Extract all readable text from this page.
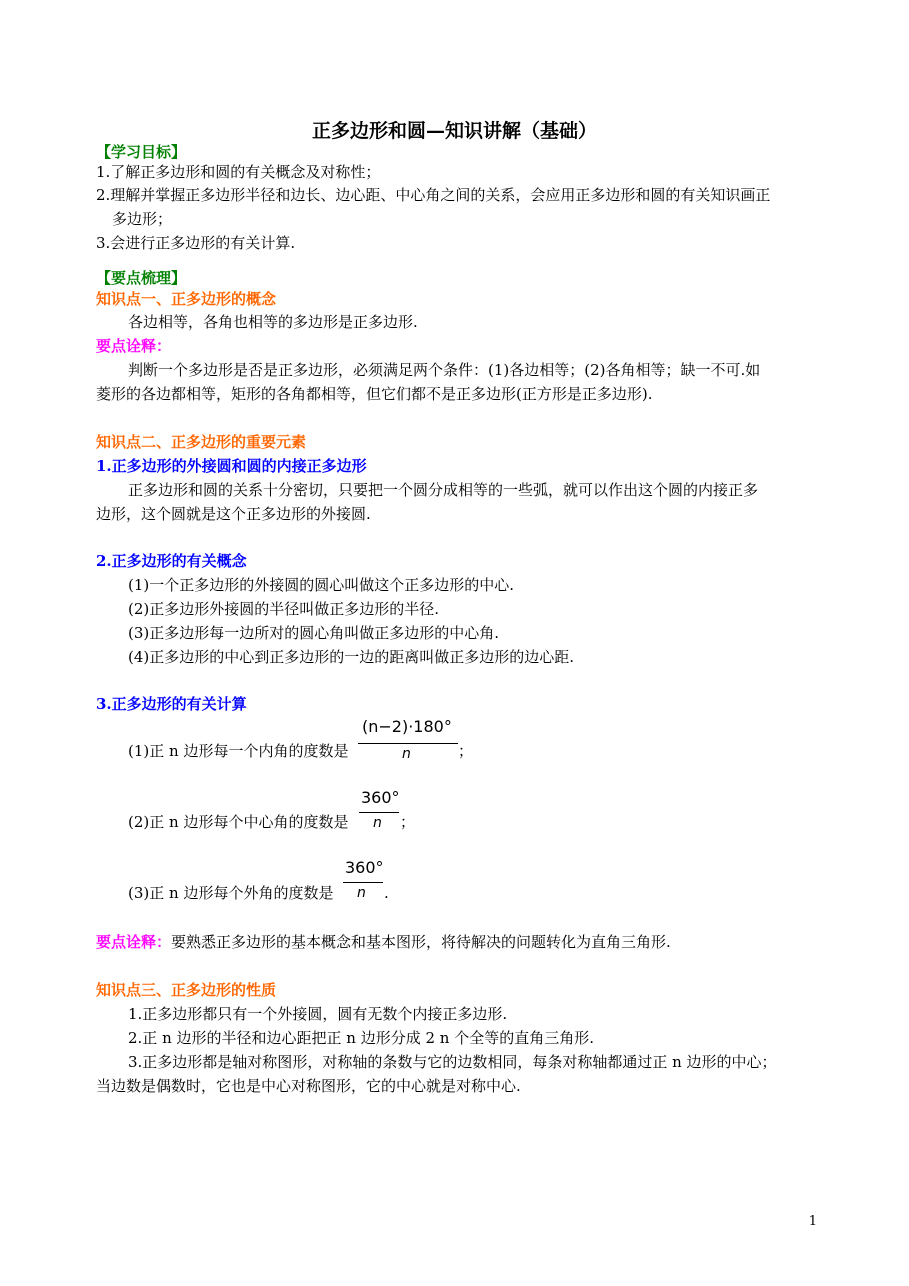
正多边形和圆—知识讲解（基础）
【学习目标】
1.了解正多边形和圆的有关概念及对称性；
2.理解并掌握正多边形半径和边长、边心距、中心角之间的关系，会应用正多边形和圆的有关知识画正
多边形；
3.会进行正多边形的有关计算.
【要点梳理】
知识点一、正多边形的概念
各边相等，各角也相等的多边形是正多边形.
要点诠释：
判断一个多边形是否是正多边形，必须满足两个条件：(1)各边相等；(2)各角相等；缺一不可.如
菱形的各边都相等，矩形的各角都相等，但它们都不是正多边形(正方形是正多边形).
知识点二、正多边形的重要元素
1.正多边形的外接圆和圆的内接正多边形
正多边形和圆的关系十分密切，只要把一个圆分成相等的一些弧，就可以作出这个圆的内接正多
边形，这个圆就是这个正多边形的外接圆.
2.正多边形的有关概念
(1)一个正多边形的外接圆的圆心叫做这个正多边形的中心.
(2)正多边形外接圆的半径叫做正多边形的半径.
(3)正多边形每一边所对的圆心角叫做正多边形的中心角.
(4)正多边形的中心到正多边形的一边的距离叫做正多边形的边心距.
3.正多边形的有关计算
(1)正 n 边形每一个内角的度数是
(n−2)·180°
n	；
(2)正 n 边形每个中心角的度数是
360°
n ；
(3)正 n 边形每个外角的度数是
360°
n .
要点诠释：要熟悉正多边形的基本概念和基本图形，将待解决的问题转化为直角三角形.
知识点三、正多边形的性质
1.正多边形都只有一个外接圆，圆有无数个内接正多边形.
2.正 n 边形的半径和边心距把正 n 边形分成 2 n 个全等的直角三角形.
3.正多边形都是轴对称图形，对称轴的条数与它的边数相同，每条对称轴都通过正 n 边形的中心；
当边数是偶数时，它也是中心对称图形，它的中心就是对称中心.
1
